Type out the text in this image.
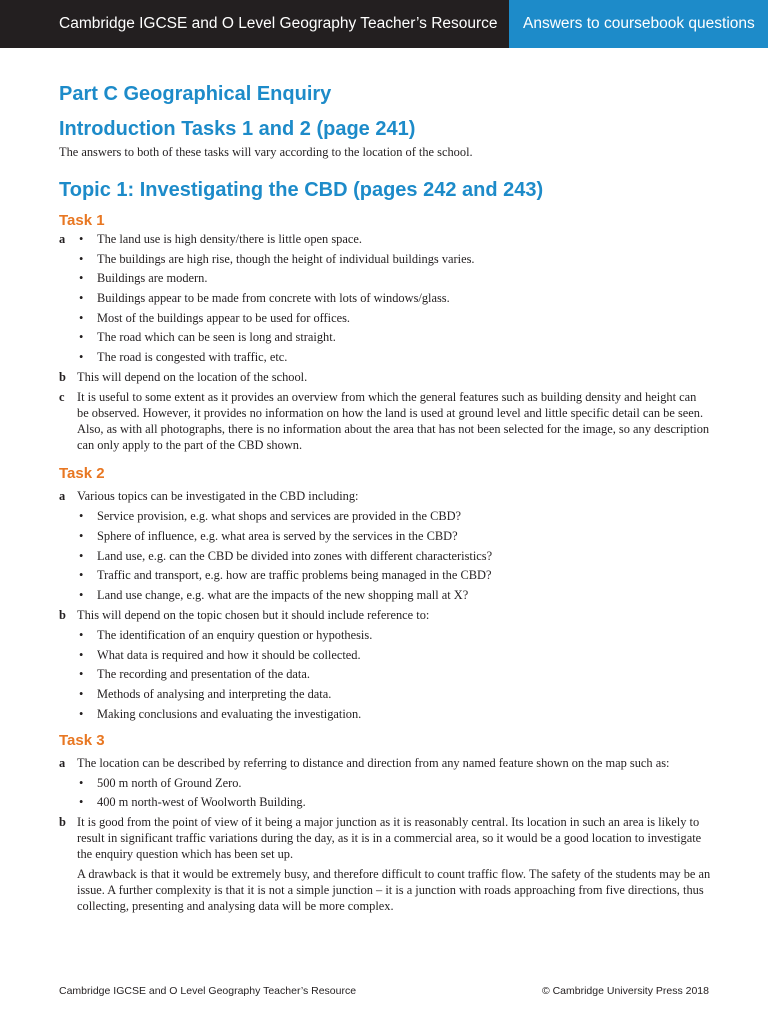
Cambridge IGCSE and O Level Geography Teacher’s Resource Answers to coursebook questions
Part C Geographical Enquiry
Introduction Tasks 1 and 2 (page 241)

The answers to both of these tasks will vary according to the location of the school.

Topic 1: Investigating the CBD (pages 242 and 243)
Task 1
a
•	The land use is high density/there is little open space.
• The buildings are high rise, though the height of individual buildings varies.
• Buildings are modern.
• Buildings appear to be made from concrete with lots of windows/glass.
• Most of the buildings appear to be used for offices.
• The road which can be seen is long and straight.
• The road is congested with traffic, etc.
b This will depend on the location of the school.

c It is useful to some extent as it provides an overview from which the general features such as building density and height can be observed. However, it provides no information on how the land is used at ground level and little specific detail can be seen. Also, as with all photographs, there is no information about the area that has not been selected for the image, so any description can only apply to the part of the CBD shown.

Task 2
a Various topics can be investigated in the CBD including:

• Service provision, e.g. what shops and services are provided in the CBD?
• Sphere of influence, e.g. what area is served by the services in the CBD?
• Land use, e.g. can the CBD be divided into zones with different characteristics?
• Traffic and transport, e.g. how are traffic problems being managed in the CBD?
• Land use change, e.g. what are the impacts of the new shopping mall at X?
b This will depend on the topic chosen but it should include reference to:

• The identification of an enquiry question or hypothesis.
• What data is required and how it should be collected.
• The recording and presentation of the data.
• Methods of analysing and interpreting the data.
• Making conclusions and evaluating the investigation.
Task 3
a The location can be described by referring to distance and direction from any named feature shown on the map such as:

• 500 m north of Ground Zero.
• 400 m north-west of Woolworth Building.
b It is good from the point of view of it being a major junction as it is reasonably central. Its location in such an area is likely to result in significant traffic variations during the day, as it is in a commercial area, so it would be a good location to investigate the enquiry question which has been set up.

A drawback is that it would be extremely busy, and therefore difficult to count traffic flow. The safety of the students may be an issue. A further complexity is that it is not a simple junction – it is a junction with roads approaching from five directions, thus collecting, presenting and analysing data will be more complex.

Cambridge IGCSE and O Level Geography Teacher’s Resource	© Cambridge University Press 2018
